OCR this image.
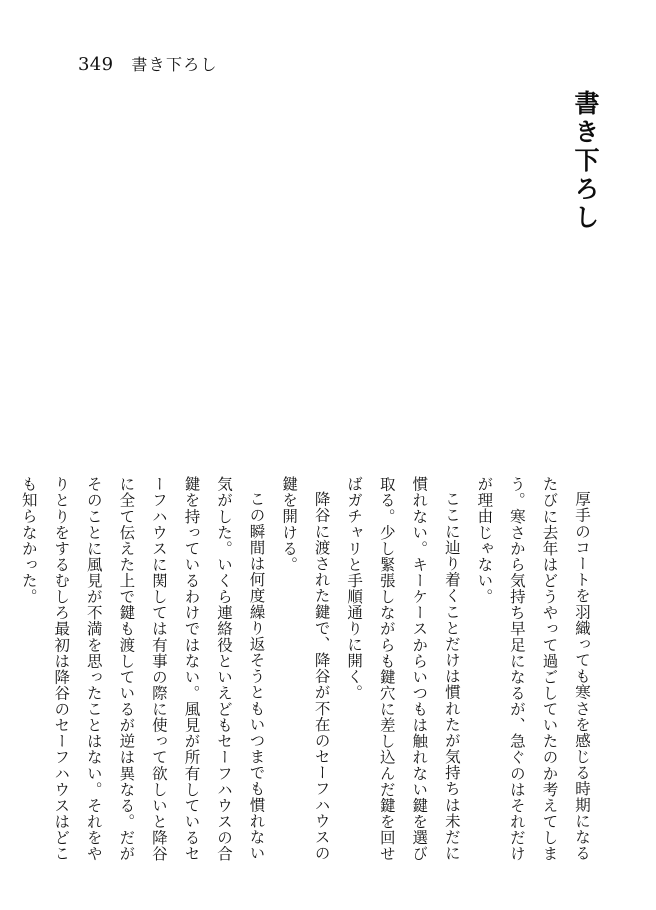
349 書き下ろし
書き下ろし

厚手のコートを羽織っても寒さを感じる時期になるたびに去年はどうやって過ごしていたのか考えてしまう。寒さから気持ち早足になるが、急ぐのはそれだけが理由じゃない。

ここに辿り着くことだけは慣れたが気持ちは未だに慣れない。キーケースからいつもは触れない鍵を選び取る。少し緊張しながらも鍵穴に差し込んだ鍵を回せばガチャリと手順通りに開く。

降谷に渡された鍵で、降谷が不在のセーフハウスの鍵を開ける。

この瞬間は何度繰り返そうともいつまでも慣れない気がした。いくら連絡役といえどもセーフハウスの合鍵を持っているわけではない。風見が所有しているセーフハウスに関しては有事の際に使って欲しいと降谷に全て伝えた上で鍵も渡しているが逆は異なる。だがそのことに風見が不満を思ったことはない。それをやりとりをするむしろ最初は降谷のセーフハウスはどこも知らなかった。
